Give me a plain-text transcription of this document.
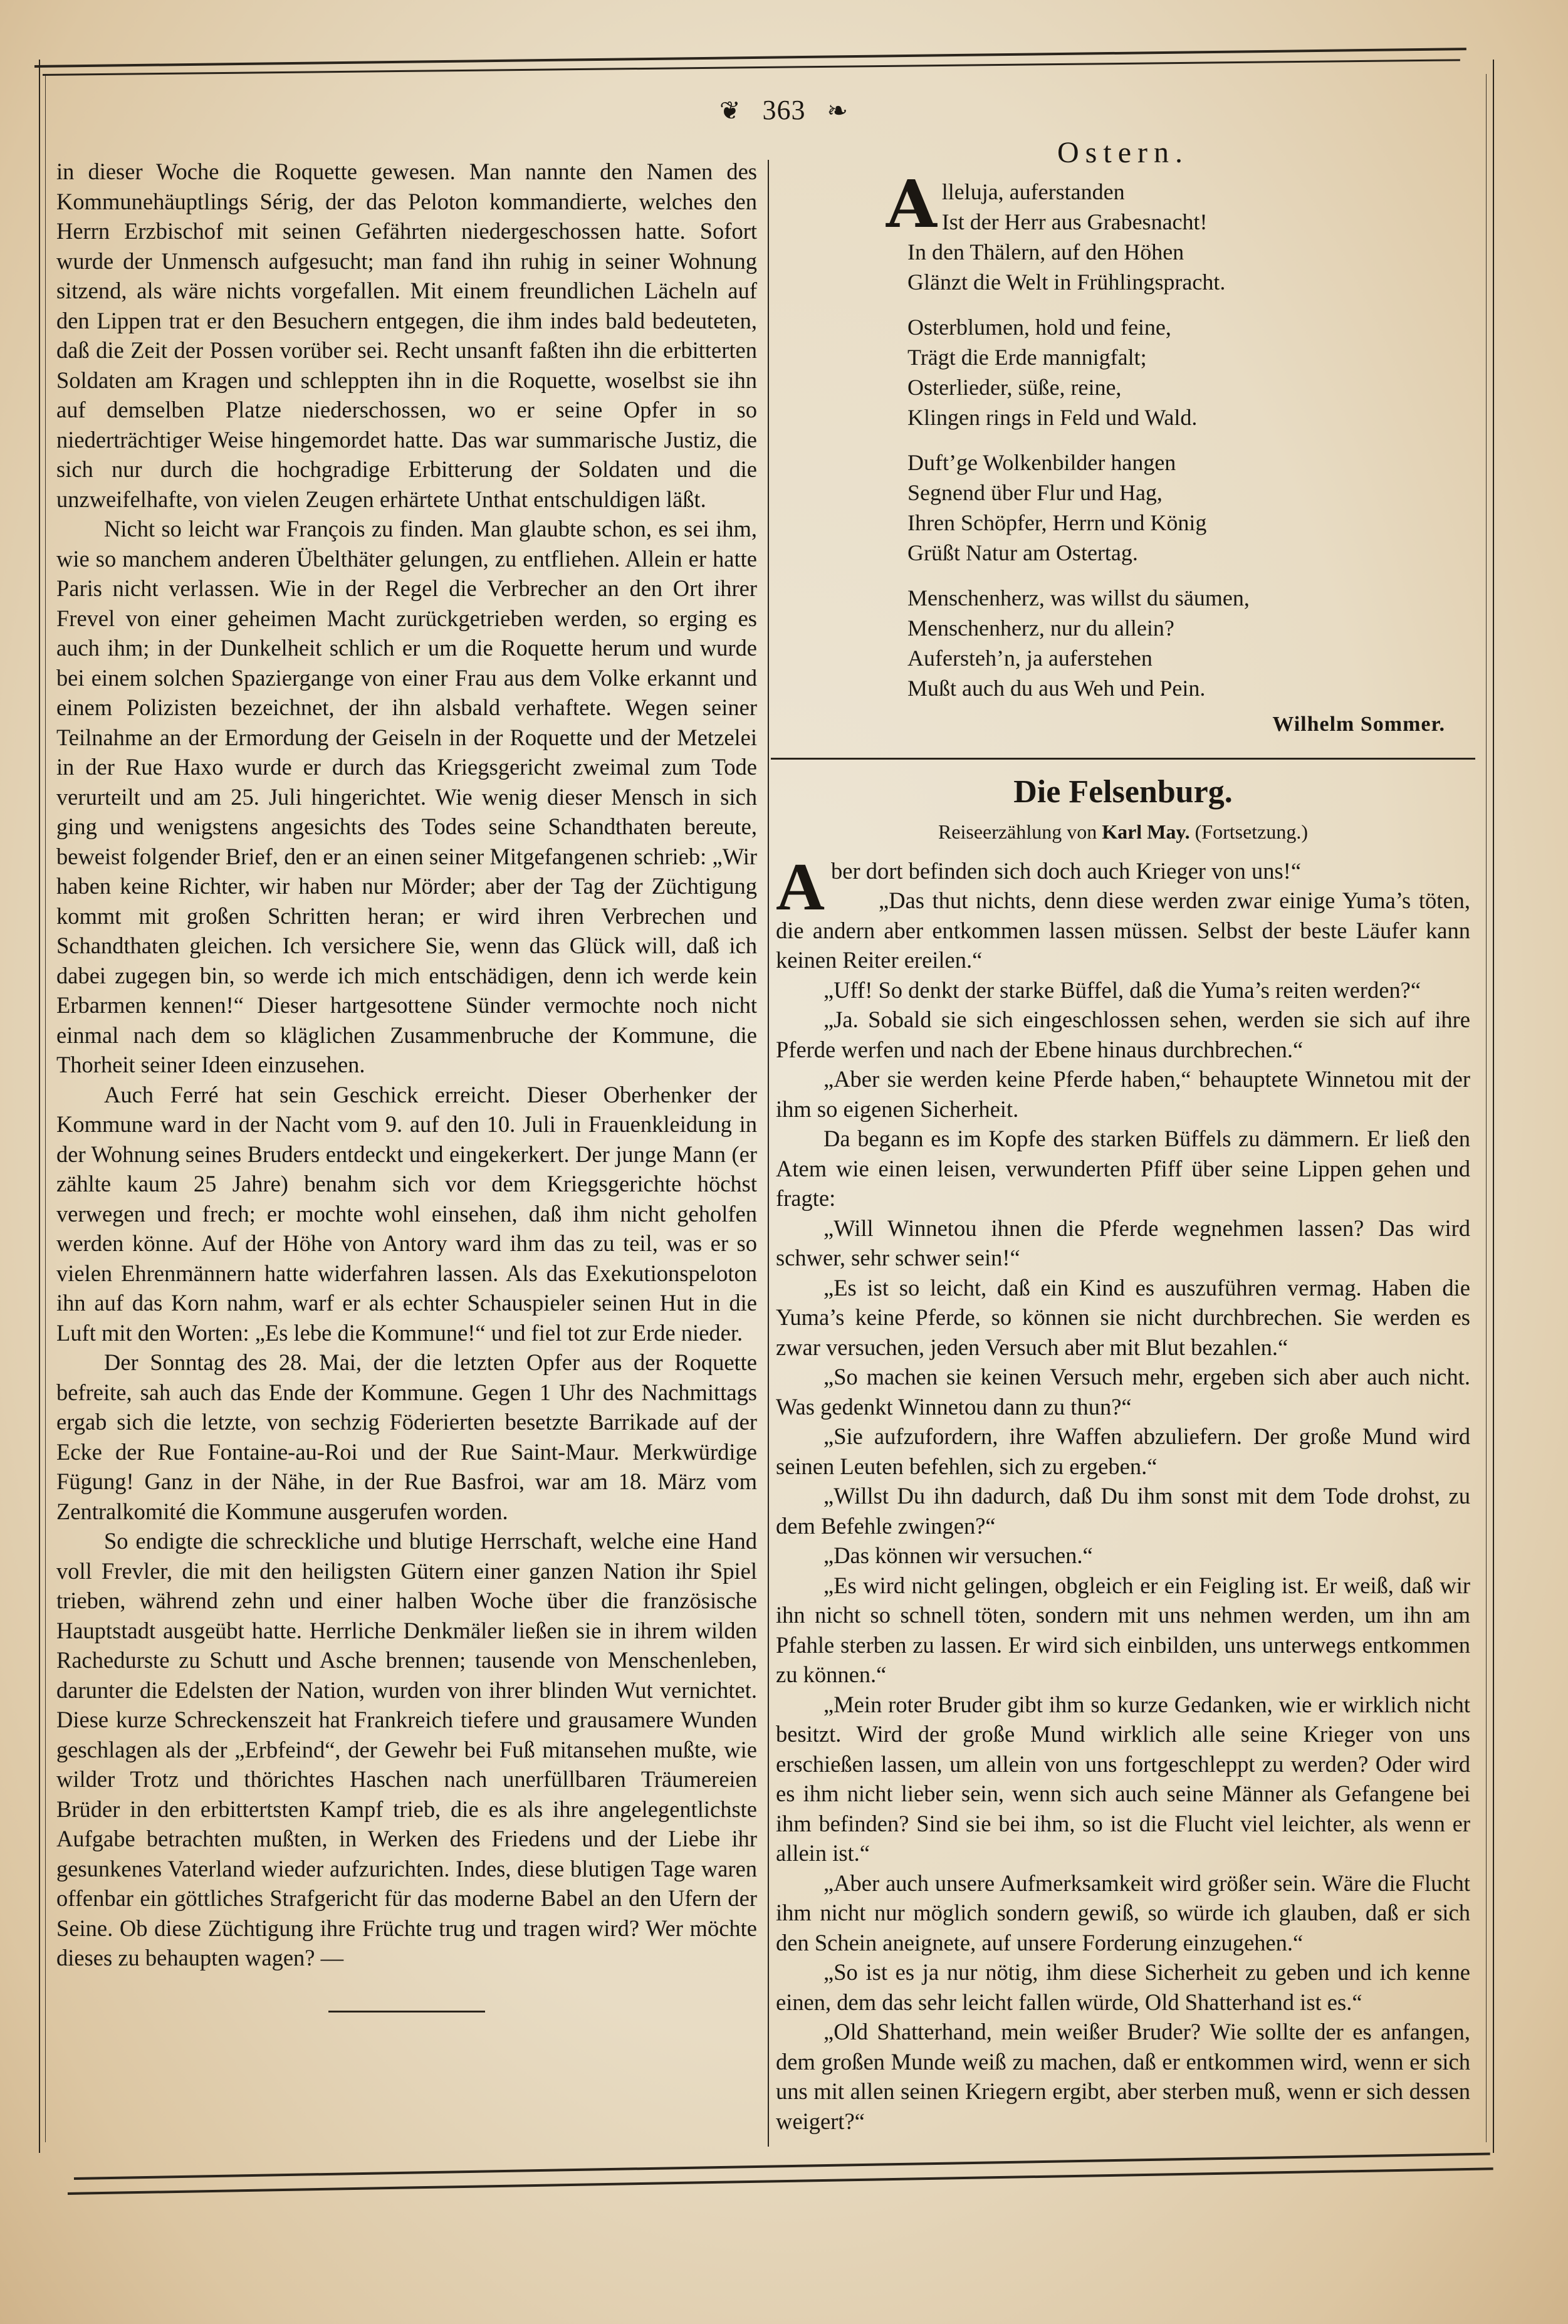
❦ 363 ❧

in dieser Woche die Roquette gewesen. Man nannte den Namen des Kommunehäuptlings Sérig, der das Peloton kommandierte, welches den Herrn Erzbischof mit seinen Gefährten niedergeschossen hatte. Sofort wurde der Unmensch aufgesucht; man fand ihn ruhig in seiner Wohnung sitzend, als wäre nichts vorgefallen. Mit einem freundlichen Lächeln auf den Lippen trat er den Besuchern entgegen, die ihm indes bald bedeuteten, daß die Zeit der Possen vorüber sei. Recht unsanft faßten ihn die erbitterten Soldaten am Kragen und schleppten ihn in die Roquette, woselbst sie ihn auf demselben Platze niederschossen, wo er seine Opfer in so niederträchtiger Weise hingemordet hatte. Das war summarische Justiz, die sich nur durch die hochgradige Erbitterung der Soldaten und die unzweifelhafte, von vielen Zeugen erhärtete Unthat entschuldigen läßt.

Nicht so leicht war François zu finden. Man glaubte schon, es sei ihm, wie so manchem anderen Übelthäter gelungen, zu entfliehen. Allein er hatte Paris nicht verlassen. Wie in der Regel die Verbrecher an den Ort ihrer Frevel von einer geheimen Macht zurückgetrieben werden, so erging es auch ihm; in der Dunkelheit schlich er um die Roquette herum und wurde bei einem solchen Spaziergange von einer Frau aus dem Volke erkannt und einem Polizisten bezeichnet, der ihn alsbald verhaftete. Wegen seiner Teilnahme an der Ermordung der Geiseln in der Roquette und der Metzelei in der Rue Haxo wurde er durch das Kriegsgericht zweimal zum Tode verurteilt und am 25. Juli hingerichtet. Wie wenig dieser Mensch in sich ging und wenigstens angesichts des Todes seine Schandthaten bereute, beweist folgender Brief, den er an einen seiner Mitgefangenen schrieb: „Wir haben keine Richter, wir haben nur Mörder; aber der Tag der Züchtigung kommt mit großen Schritten heran; er wird ihren Verbrechen und Schandthaten gleichen. Ich versichere Sie, wenn das Glück will, daß ich dabei zugegen bin, so werde ich mich entschädigen, denn ich werde kein Erbarmen kennen!“ Dieser hartgesottene Sünder vermochte noch nicht einmal nach dem so kläglichen Zusammenbruche der Kommune, die Thorheit seiner Ideen einzusehen.

Auch Ferré hat sein Geschick erreicht. Dieser Oberhenker der Kommune ward in der Nacht vom 9. auf den 10. Juli in Frauenkleidung in der Wohnung seines Bruders entdeckt und eingekerkert. Der junge Mann (er zählte kaum 25 Jahre) benahm sich vor dem Kriegsgerichte höchst verwegen und frech; er mochte wohl einsehen, daß ihm nicht geholfen werden könne. Auf der Höhe von Antory ward ihm das zu teil, was er so vielen Ehrenmännern hatte widerfahren lassen. Als das Exekutionspeloton ihn auf das Korn nahm, warf er als echter Schauspieler seinen Hut in die Luft mit den Worten: „Es lebe die Kommune!“ und fiel tot zur Erde nieder.

Der Sonntag des 28. Mai, der die letzten Opfer aus der Roquette befreite, sah auch das Ende der Kommune. Gegen 1 Uhr des Nachmittags ergab sich die letzte, von sechzig Föderierten besetzte Barrikade auf der Ecke der Rue Fontaine-au-Roi und der Rue Saint-Maur. Merkwürdige Fügung! Ganz in der Nähe, in der Rue Basfroi, war am 18. März vom Zentralkomité die Kommune ausgerufen worden.

So endigte die schreckliche und blutige Herrschaft, welche eine Hand voll Frevler, die mit den heiligsten Gütern einer ganzen Nation ihr Spiel trieben, während zehn und einer halben Woche über die französische Hauptstadt ausgeübt hatte. Herrliche Denkmäler ließen sie in ihrem wilden Rachedurste zu Schutt und Asche brennen; tausende von Menschenleben, darunter die Edelsten der Nation, wurden von ihrer blinden Wut vernichtet. Diese kurze Schreckenszeit hat Frankreich tiefere und grausamere Wunden geschlagen als der „Erbfeind“, der Gewehr bei Fuß mitansehen mußte, wie wilder Trotz und thörichtes Haschen nach unerfüllbaren Träumereien Brüder in den erbittertsten Kampf trieb, die es als ihre angelegentlichste Aufgabe betrachten mußten, in Werken des Friedens und der Liebe ihr gesunkenes Vaterland wieder aufzurichten. Indes, diese blutigen Tage waren offenbar ein göttliches Strafgericht für das moderne Babel an den Ufern der Seine. Ob diese Züchtigung ihre Früchte trug und tragen wird? Wer möchte dieses zu behaupten wagen? —

Ostern.
A lleluja, auferstanden
Ist der Herr aus Grabesnacht!
In den Thälern, auf den Höhen
Glänzt die Welt in Frühlingspracht.
Osterblumen, hold und feine,
Trägt die Erde mannigfalt;
Osterlieder, süße, reine,
Klingen rings in Feld und Wald.
Duft’ge Wolkenbilder hangen
Segnend über Flur und Hag,
Ihren Schöpfer, Herrn und König
Grüßt Natur am Ostertag.
Menschenherz, was willst du säumen,
Menschenherz, nur du allein?
Aufersteh’n, ja auferstehen
Mußt auch du aus Weh und Pein.
Wilhelm Sommer.
Die Felsenburg.
Reiseerzählung von Karl May. (Fortsetzung.)
A ber dort befinden sich doch auch Krieger von uns!“

„Das thut nichts, denn diese werden zwar einige Yuma’s töten, die andern aber entkommen lassen müssen. Selbst der beste Läufer kann keinen Reiter ereilen.“

„Uff! So denkt der starke Büffel, daß die Yuma’s reiten werden?“

„Ja. Sobald sie sich eingeschlossen sehen, werden sie sich auf ihre Pferde werfen und nach der Ebene hinaus durchbrechen.“

„Aber sie werden keine Pferde haben,“ behauptete Winnetou mit der ihm so eigenen Sicherheit.

Da begann es im Kopfe des starken Büffels zu dämmern. Er ließ den Atem wie einen leisen, verwunderten Pfiff über seine Lippen gehen und fragte:

„Will Winnetou ihnen die Pferde wegnehmen lassen? Das wird schwer, sehr schwer sein!“

„Es ist so leicht, daß ein Kind es auszuführen vermag. Haben die Yuma’s keine Pferde, so können sie nicht durchbrechen. Sie werden es zwar versuchen, jeden Versuch aber mit Blut bezahlen.“

„So machen sie keinen Versuch mehr, ergeben sich aber auch nicht. Was gedenkt Winnetou dann zu thun?“

„Sie aufzufordern, ihre Waffen abzuliefern. Der große Mund wird seinen Leuten befehlen, sich zu ergeben.“

„Willst Du ihn dadurch, daß Du ihm sonst mit dem Tode drohst, zu dem Befehle zwingen?“

„Das können wir versuchen.“

„Es wird nicht gelingen, obgleich er ein Feigling ist. Er weiß, daß wir ihn nicht so schnell töten, sondern mit uns nehmen werden, um ihn am Pfahle sterben zu lassen. Er wird sich einbilden, uns unterwegs entkommen zu können.“

„Mein roter Bruder gibt ihm so kurze Gedanken, wie er wirklich nicht besitzt. Wird der große Mund wirklich alle seine Krieger von uns erschießen lassen, um allein von uns fortgeschleppt zu werden? Oder wird es ihm nicht lieber sein, wenn sich auch seine Männer als Gefangene bei ihm befinden? Sind sie bei ihm, so ist die Flucht viel leichter, als wenn er allein ist.“

„Aber auch unsere Aufmerksamkeit wird größer sein. Wäre die Flucht ihm nicht nur möglich sondern gewiß, so würde ich glauben, daß er sich den Schein aneignete, auf unsere Forderung einzugehen.“

„So ist es ja nur nötig, ihm diese Sicherheit zu geben und ich kenne einen, dem das sehr leicht fallen würde, Old Shatterhand ist es.“

„Old Shatterhand, mein weißer Bruder? Wie sollte der es anfangen, dem großen Munde weiß zu machen, daß er entkommen wird, wenn er sich uns mit allen seinen Kriegern ergibt, aber sterben muß, wenn er sich dessen weigert?“
